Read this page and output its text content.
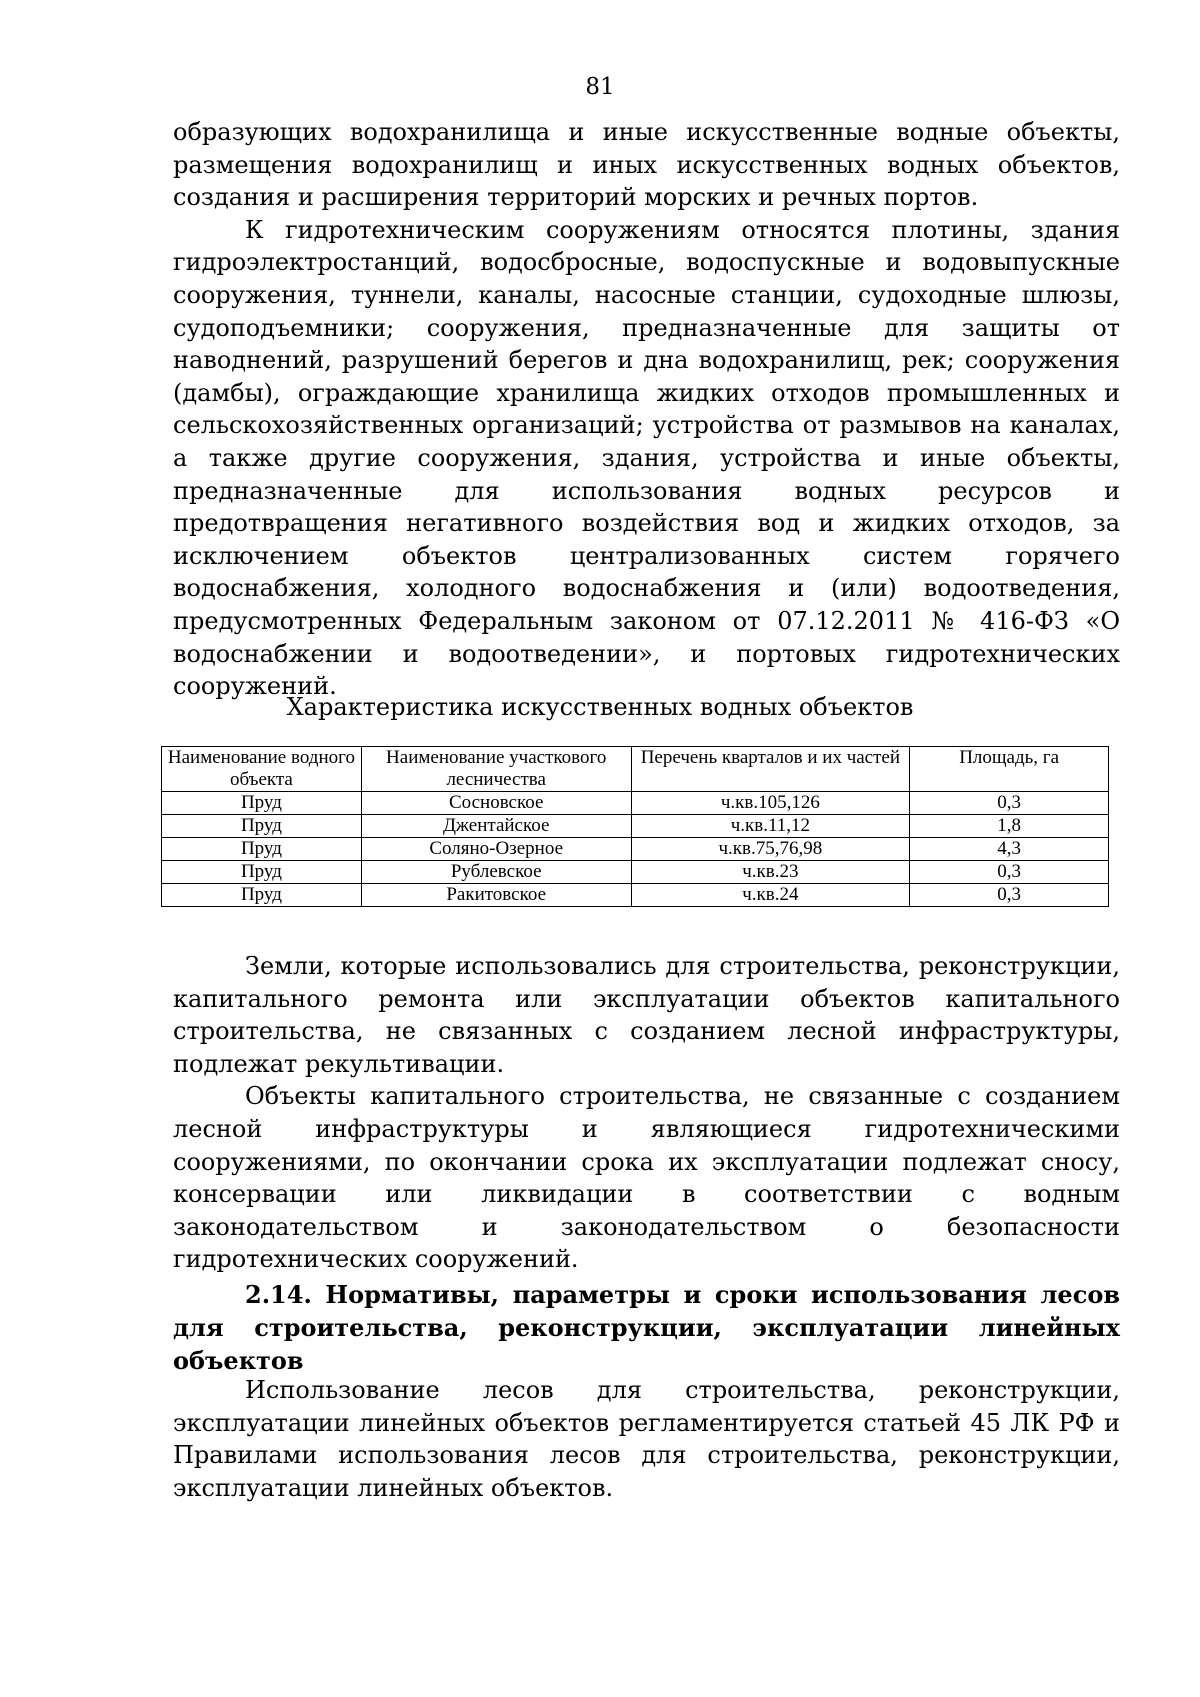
81

образующих водохранилища и иные искусственные водные объекты, размещения водохранилищ и иных искусственных водных объектов, создания и расширения территорий морских и речных портов.

К гидротехническим сооружениям относятся плотины, здания гидроэлектростанций, водосбросные, водоспускные и водовыпускные сооружения, туннели, каналы, насосные станции, судоходные шлюзы, судоподъемники; сооружения, предназначенные для защиты от наводнений, разрушений берегов и дна водохранилищ, рек; сооружения (дамбы), ограждающие хранилища жидких отходов промышленных и сельскохозяйственных организаций; устройства от размывов на каналах, а также другие сооружения, здания, устройства и иные объекты, предназначенные для использования водных ресурсов и предотвращения негативного воздействия вод и жидких отходов, за исключением объектов централизованных систем горячего водоснабжения, холодного водоснабжения и (или) водоотведения, предусмотренных Федеральным законом от 07.12.2011 № 416-ФЗ «О водоснабжении и водоотведении», и портовых гидротехнических сооружений.

Характеристика искусственных водных объектов
Наименование водного объекта	Наименование участкового лесничества	Перечень кварталов и их частей	Площадь, га
Пруд	Сосновское	ч.кв.105,126	0,3
Пруд	Джентайское	ч.кв.11,12	1,8
Пруд	Соляно-Озерное	ч.кв.75,76,98	4,3
Пруд	Рублевское	ч.кв.23	0,3
Пруд	Ракитовское	ч.кв.24	0,3

Земли, которые использовались для строительства, реконструкции, капитального ремонта или эксплуатации объектов капитального строительства, не связанных с созданием лесной инфраструктуры, подлежат рекультивации.

Объекты капитального строительства, не связанные с созданием лесной инфраструктуры и являющиеся гидротехническими сооружениями, по окончании срока их эксплуатации подлежат сносу, консервации или ликвидации в соответствии с водным законодательством и законодательством о безопасности гидротехнических сооружений.

2.14. Нормативы, параметры и сроки использования лесов для строительства, реконструкции, эксплуатации линейных объектов

Использование лесов для строительства, реконструкции, эксплуатации линейных объектов регламентируется статьей 45 ЛК РФ и Правилами использования лесов для строительства, реконструкции, эксплуатации линейных объектов.
